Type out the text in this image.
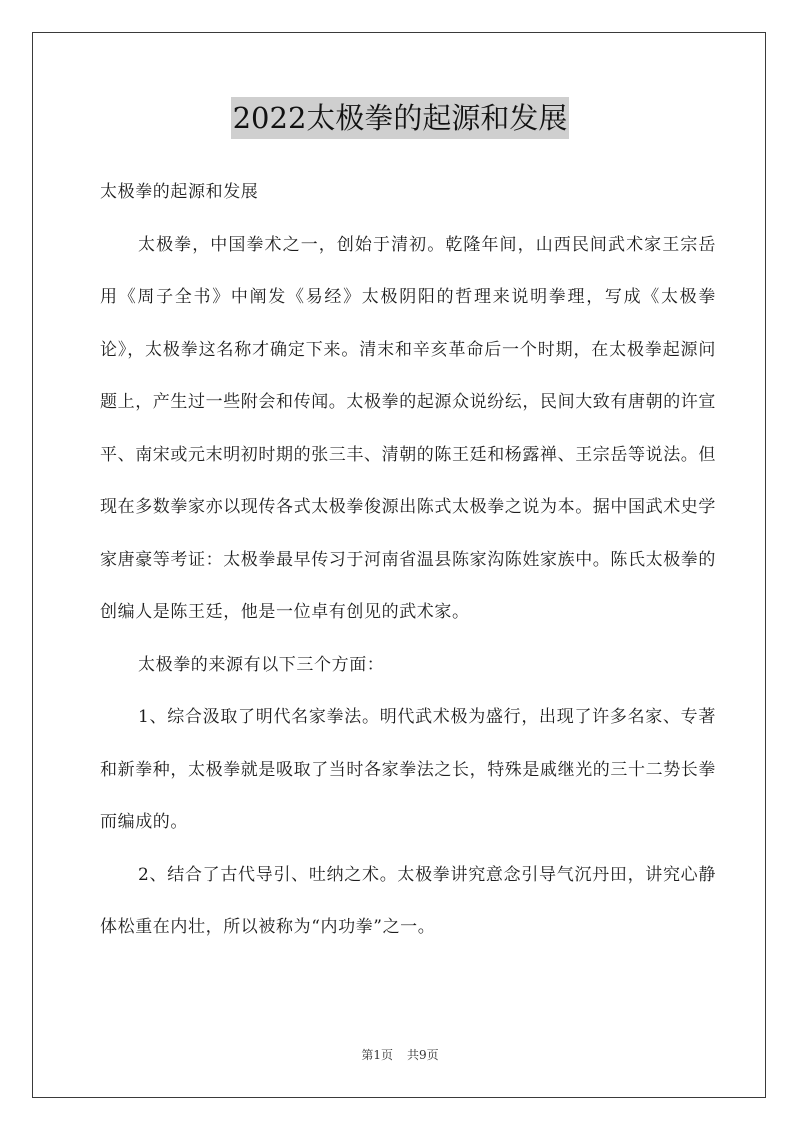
2022太极拳的起源和发展

太极拳的起源和发展

太极拳，中国拳术之一，创始于清初。乾隆年间，山西民间武术家王宗岳用《周子全书》中阐发《易经》太极阴阳的哲理来说明拳理，写成《太极拳论》，太极拳这名称才确定下来。清末和辛亥革命后一个时期，在太极拳起源问题上，产生过一些附会和传闻。太极拳的起源众说纷纭，民间大致有唐朝的许宣平、南宋或元末明初时期的张三丰、清朝的陈王廷和杨露禅、王宗岳等说法。但现在多数拳家亦以现传各式太极拳俊源出陈式太极拳之说为本。据中国武术史学家唐豪等考证：太极拳最早传习于河南省温县陈家沟陈姓家族中。陈氏太极拳的创编人是陈王廷，他是一位卓有创见的武术家。

太极拳的来源有以下三个方面：

1、综合汲取了明代名家拳法。明代武术极为盛行，出现了许多名家、专著和新拳种，太极拳就是吸取了当时各家拳法之长，特殊是戚继光的三十二势长拳而编成的。

2、结合了古代导引、吐纳之术。太极拳讲究意念引导气沉丹田，讲究心静体松重在内壮，所以被称为“内功拳”之一。

第1页 共9页
